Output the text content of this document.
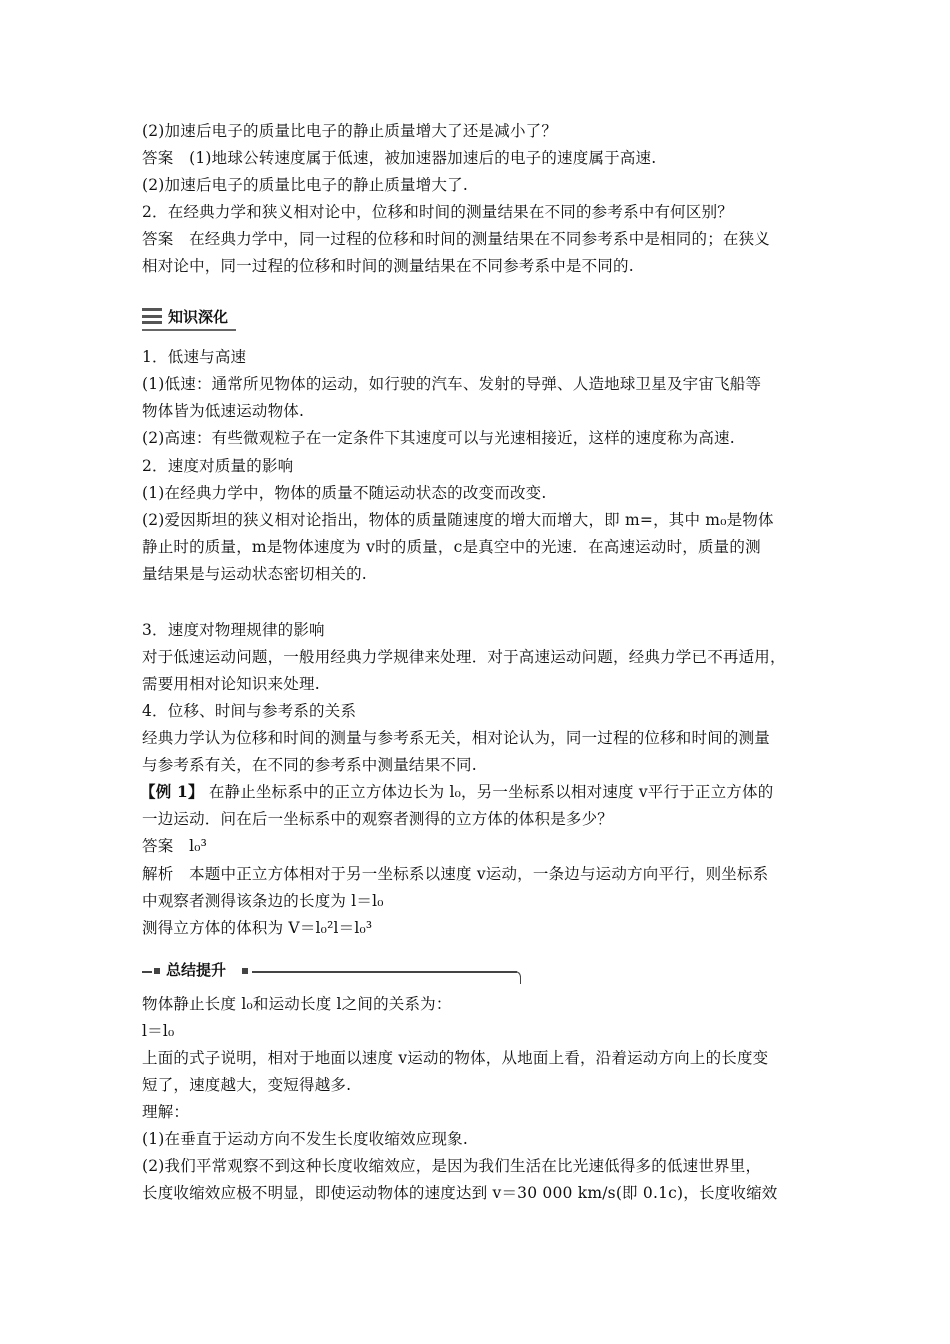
(2)加速后电子的质量比电子的静止质量增大了还是减小了？
答案　(1)地球公转速度属于低速，被加速器加速后的电子的速度属于高速.
(2)加速后电子的质量比电子的静止质量增大了.
2．在经典力学和狭义相对论中，位移和时间的测量结果在不同的参考系中有何区别？
答案　在经典力学中，同一过程的位移和时间的测量结果在不同参考系中是相同的；在狭义
相对论中，同一过程的位移和时间的测量结果在不同参考系中是不同的.
知识深化
1．低速与高速
(1)低速：通常所见物体的运动，如行驶的汽车、发射的导弹、人造地球卫星及宇宙飞船等
物体皆为低速运动物体.
(2)高速：有些微观粒子在一定条件下其速度可以与光速相接近，这样的速度称为高速.
2．速度对质量的影响
(1)在经典力学中，物体的质量不随运动状态的改变而改变.
(2)爱因斯坦的狭义相对论指出，物体的质量随速度的增大而增大，即 m=，其中 m₀是物体
静止时的质量，m是物体速度为 v时的质量，c是真空中的光速．在高速运动时，质量的测
量结果是与运动状态密切相关的.
3．速度对物理规律的影响
对于低速运动问题，一般用经典力学规律来处理．对于高速运动问题，经典力学已不再适用，
需要用相对论知识来处理.
4．位移、时间与参考系的关系
经典力学认为位移和时间的测量与参考系无关，相对论认为，同一过程的位移和时间的测量
与参考系有关，在不同的参考系中测量结果不同.
【例 1】 在静止坐标系中的正立方体边长为 l₀，另一坐标系以相对速度 v平行于正立方体的
一边运动．问在后一坐标系中的观察者测得的立方体的体积是多少？
答案　l₀³
解析　本题中正立方体相对于另一坐标系以速度 v运动，一条边与运动方向平行，则坐标系
中观察者测得该条边的长度为 l＝l₀
测得立方体的体积为 V＝l₀²l＝l₀³
总结提升
物体静止长度 l₀和运动长度 l之间的关系为：
l＝l₀
上面的式子说明，相对于地面以速度 v运动的物体，从地面上看，沿着运动方向上的长度变
短了，速度越大，变短得越多.
理解：
(1)在垂直于运动方向不发生长度收缩效应现象.
(2)我们平常观察不到这种长度收缩效应，是因为我们生活在比光速低得多的低速世界里，
长度收缩效应极不明显，即使运动物体的速度达到 v＝30 000 km/s(即 0.1c)，长度收缩效
